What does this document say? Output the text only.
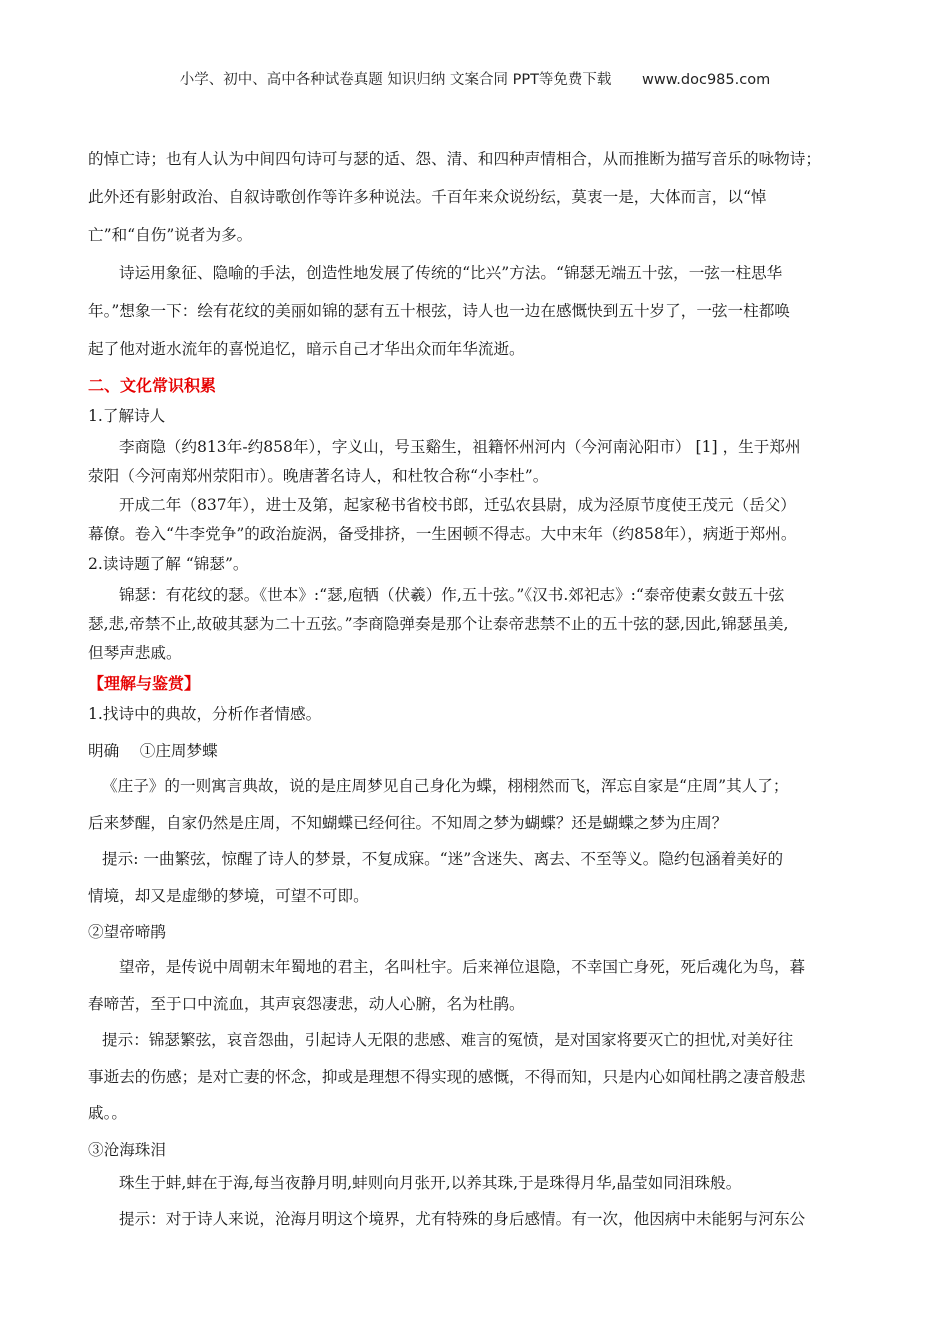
小学、初中、高中各种试卷真题 知识归纳 文案合同 PPT等免费下载 www.doc985.com

的悼亡诗；也有人认为中间四句诗可与瑟的适、怨、清、和四种声情相合，从而推断为描写音乐的咏物诗；

此外还有影射政治、自叙诗歌创作等许多种说法。千百年来众说纷纭，莫衷一是，大体而言，以“悼

亡”和“自伤”说者为多。

诗运用象征、隐喻的手法，创造性地发展了传统的“比兴”方法。“锦瑟无端五十弦，一弦一柱思华

年。”想象一下：绘有花纹的美丽如锦的瑟有五十根弦，诗人也一边在感慨快到五十岁了，一弦一柱都唤

起了他对逝水流年的喜悦追忆，暗示自己才华出众而年华流逝。

二、文化常识积累

1.了解诗人

李商隐（约813年-约858年），字义山，号玉谿生，祖籍怀州河内（今河南沁阳市） [1] ，生于郑州

荥阳（今河南郑州荥阳市）。晚唐著名诗人，和杜牧合称“小李杜”。

开成二年（837年），进士及第，起家秘书省校书郎，迁弘农县尉，成为泾原节度使王茂元（岳父）

幕僚。卷入“牛李党争”的政治旋涡，备受排挤，一生困顿不得志。大中末年（约858年），病逝于郑州。

2.读诗题了解 “锦瑟”。

锦瑟：有花纹的瑟。《世本》:“瑟,庖牺（伏羲）作,五十弦。”《汉书.郊祀志》:“泰帝使素女鼓五十弦

瑟,悲,帝禁不止,故破其瑟为二十五弦。”李商隐弹奏是那个让泰帝悲禁不止的五十弦的瑟,因此,锦瑟虽美,

但琴声悲戚。

【理解与鉴赏】

1.找诗中的典故，分析作者情感。

明确　 ①庄周梦蝶

《庄子》的一则寓言典故，说的是庄周梦见自己身化为蝶，栩栩然而飞，浑忘自家是“庄周”其人了；

后来梦醒，自家仍然是庄周，不知蝴蝶已经何往。不知周之梦为蝴蝶？还是蝴蝶之梦为庄周？

提示: 一曲繁弦，惊醒了诗人的梦景，不复成寐。“迷”含迷失、离去、不至等义。隐约包涵着美好的

情境，却又是虚缈的梦境，可望不可即。

②望帝啼鹃

望帝，是传说中周朝末年蜀地的君主，名叫杜宇。后来禅位退隐，不幸国亡身死，死后魂化为鸟，暮

春啼苦，至于口中流血，其声哀怨凄悲，动人心腑，名为杜鹃。

提示：锦瑟繁弦，哀音怨曲，引起诗人无限的悲感、难言的冤愤，是对国家将要灭亡的担忧,对美好往

事逝去的伤感；是对亡妻的怀念，抑或是理想不得实现的感慨，不得而知，只是内心如闻杜鹃之凄音般悲

戚。。

③沧海珠泪

珠生于蚌,蚌在于海,每当夜静月明,蚌则向月张开,以养其珠,于是珠得月华,晶莹如同泪珠般。

提示：对于诗人来说，沧海月明这个境界，尤有特殊的身后感情。有一次，他因病中未能躬与河东公
